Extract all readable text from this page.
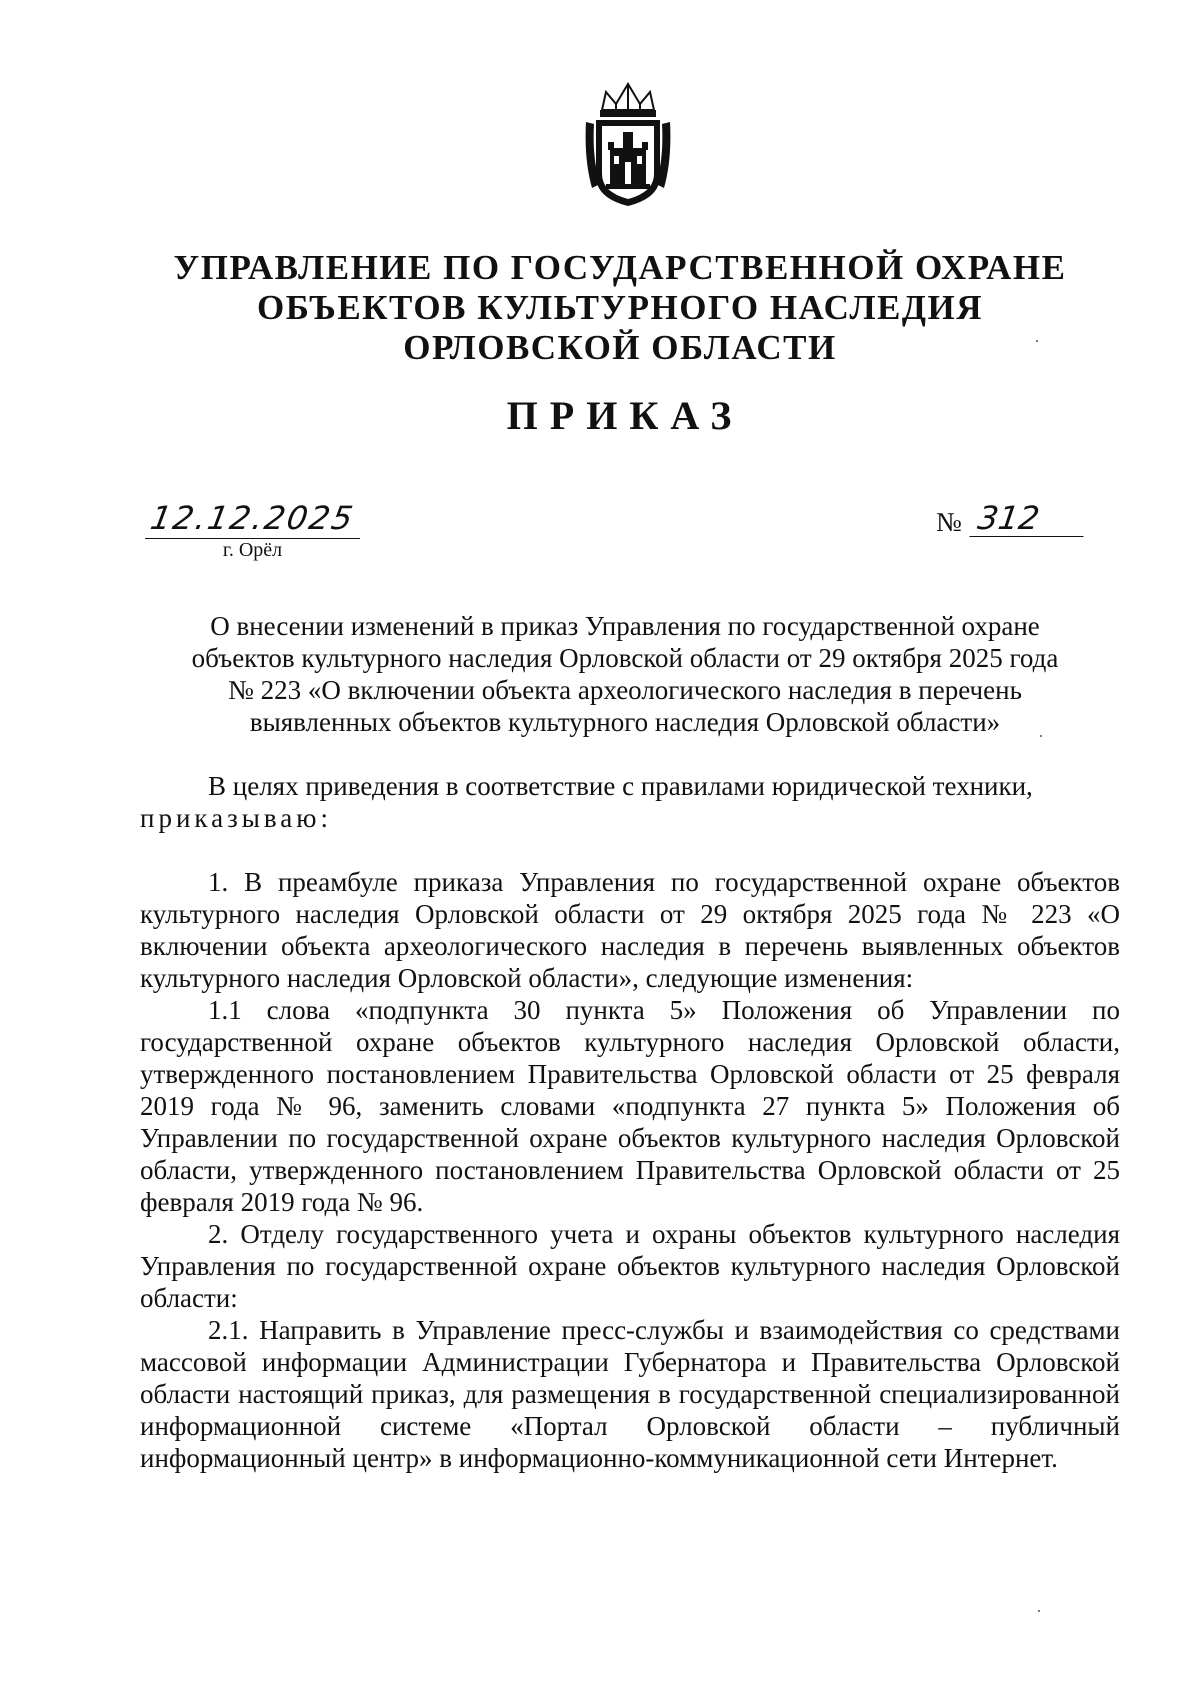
УПРАВЛЕНИЕ ПО ГОСУДАРСТВЕННОЙ ОХРАНЕ
ОБЪЕКТОВ КУЛЬТУРНОГО НАСЛЕДИЯ
ОРЛОВСКОЙ ОБЛАСТИ
ПРИКАЗ
12.12.2025
г. Орёл
№ 312
О внесении изменений в приказ Управления по государственной охране
объектов культурного наследия Орловской области от 29 октября 2025 года
№ 223 «О включении объекта археологического наследия в перечень
выявленных объектов культурного наследия Орловской области»

В целях приведения в соответствие с правилами юридической техники,

приказываю:

1. В преамбуле приказа Управления по государственной охране объектов культурного наследия Орловской области от 29 октября 2025 года № 223 «О включении объекта археологического наследия в перечень выявленных объектов культурного наследия Орловской области», следующие изменения:

1.1 слова «подпункта 30 пункта 5» Положения об Управлении по государственной охране объектов культурного наследия Орловской области, утвержденного постановлением Правительства Орловской области от 25 февраля 2019 года № 96, заменить словами «подпункта 27 пункта 5» Положения об Управлении по государственной охране объектов культурного наследия Орловской области, утвержденного постановлением Правительства Орловской области от 25 февраля 2019 года № 96.

2. Отделу государственного учета и охраны объектов культурного наследия Управления по государственной охране объектов культурного наследия Орловской области:

2.1. Направить в Управление пресс-службы и взаимодействия со средствами массовой информации Администрации Губернатора и Правительства Орловской области настоящий приказ, для размещения в государственной специализированной информационной системе «Портал Орловской области – публичный информационный центр» в информационно-коммуникационной сети Интернет.
